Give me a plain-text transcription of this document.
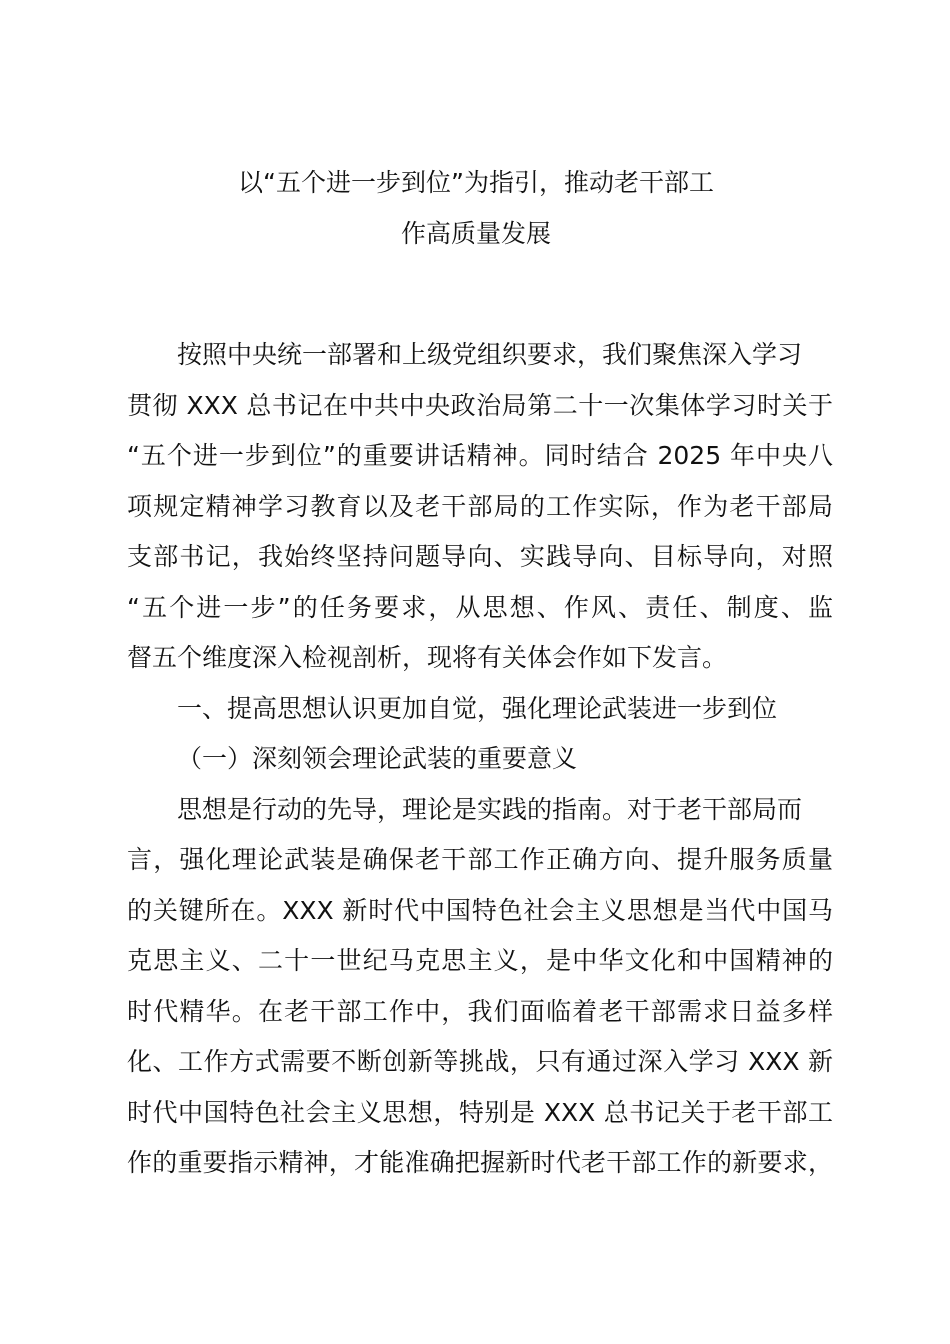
以“五个进一步到位”为指引，推动老干部工
作高质量发展
按照中央统一部署和上级党组织要求，我们聚焦深入学习
贯彻 XXX 总书记在中共中央政治局第二十一次集体学习时关于
“五个进一步到位”的重要讲话精神。同时结合 2025 年中央八
项规定精神学习教育以及老干部局的工作实际，作为老干部局
支部书记，我始终坚持问题导向、实践导向、目标导向，对照
“五个进一步”的任务要求，从思想、作风、责任、制度、监
督五个维度深入检视剖析，现将有关体会作如下发言。
一、提高思想认识更加自觉，强化理论武装进一步到位
（一）深刻领会理论武装的重要意义
思想是行动的先导，理论是实践的指南。对于老干部局而
言，强化理论武装是确保老干部工作正确方向、提升服务质量
的关键所在。XXX 新时代中国特色社会主义思想是当代中国马
克思主义、二十一世纪马克思主义，是中华文化和中国精神的
时代精华。在老干部工作中，我们面临着老干部需求日益多样
化、工作方式需要不断创新等挑战，只有通过深入学习 XXX 新
时代中国特色社会主义思想，特别是 XXX 总书记关于老干部工
作的重要指示精神，才能准确把握新时代老干部工作的新要求，
